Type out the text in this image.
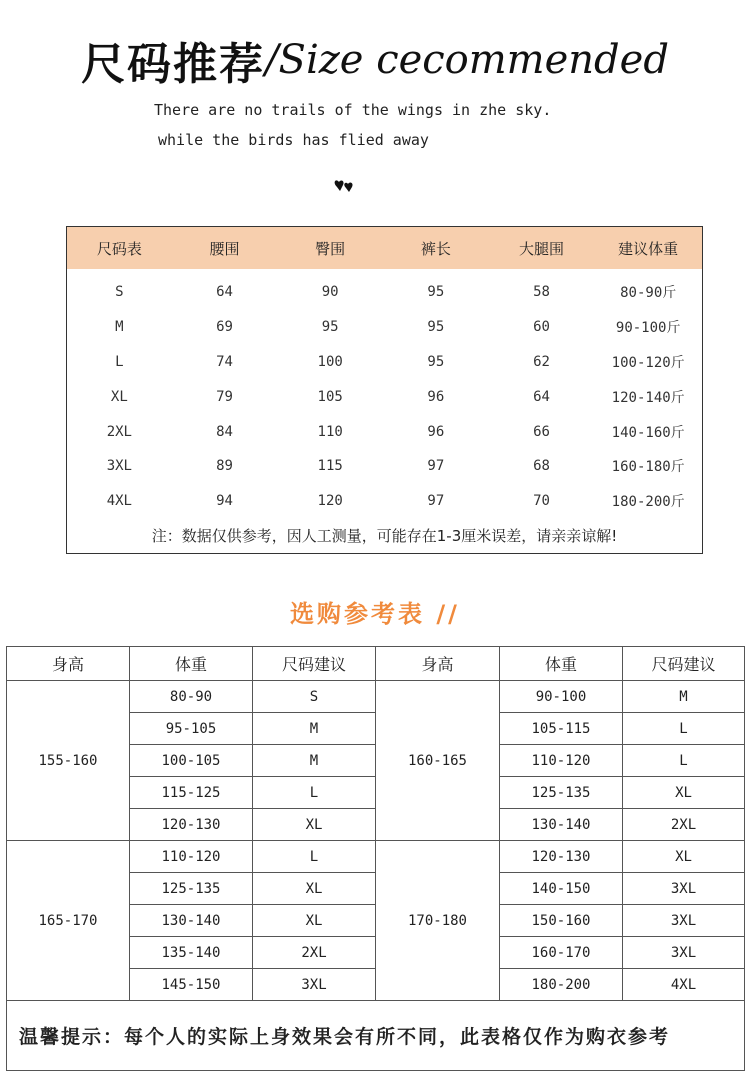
尺码推荐/Size cecommended
There are no trails of the wings in zhe sky.
while the birds has flied away
尺码表	腰围	臀围	裤长	大腿围	建议体重
S	64	90	95	58	80-90斤
M	69	95	95	60	90-100斤
L	74	100	95	62	100-120斤
XL	79	105	96	64	120-140斤
2XL	84	110	96	66	140-160斤
3XL	89	115	97	68	160-180斤
4XL	94	120	97	70	180-200斤
注：数据仅供参考，因人工测量，可能存在1-3厘米误差，请亲亲谅解!
选购参考表 //
身高	体重	尺码建议	身高	体重	尺码建议
155-160	80-90	S	160-165	90-100	M
	95-105	M		105-115	L
	100-105	M		110-120	L
	115-125	L		125-135	XL
	120-130	XL		130-140	2XL
165-170	110-120	L	170-180	120-130	XL
	125-135	XL		140-150	3XL
	130-140	XL		150-160	3XL
	135-140	2XL		160-170	3XL
	145-150	3XL		180-200	4XL
温馨提示：每个人的实际上身效果会有所不同，此表格仅作为购衣参考					
